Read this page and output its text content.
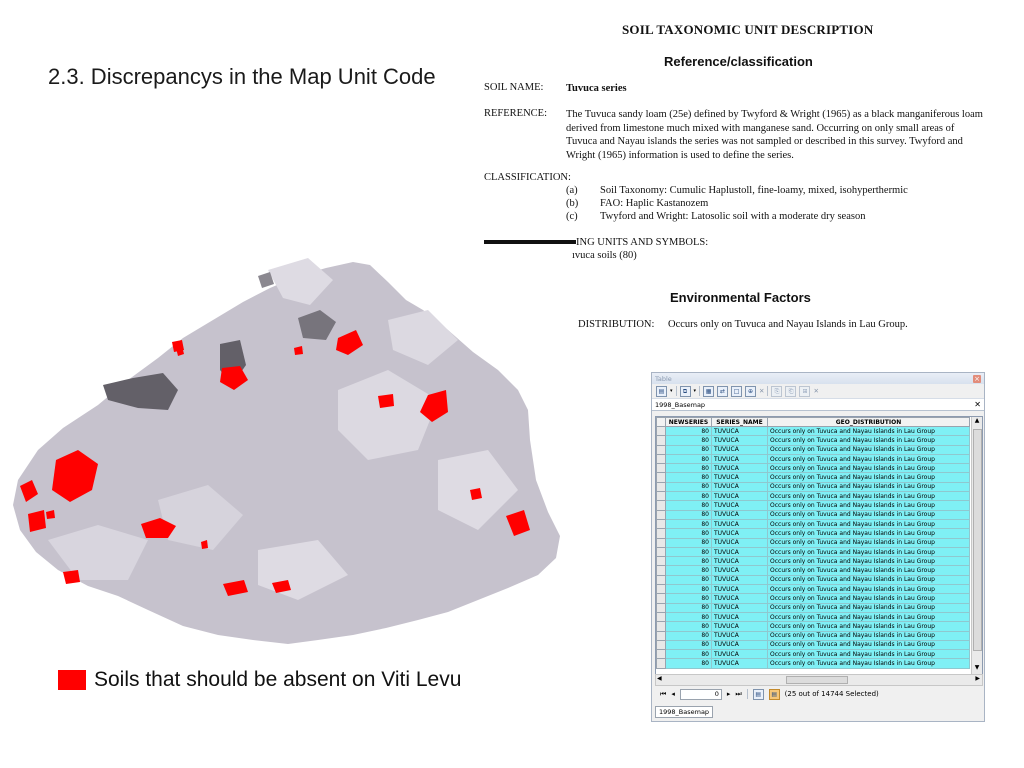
2.3. Discrepancys in the Map Unit Code
SOIL TAXONOMIC UNIT DESCRIPTION
Reference/classification
SOIL NAME: Tuvuca series
REFERENCE: The Tuvuca sandy loam (25e) defined by Twyford & Wright (1965) as a black manganiferous loam
derived from limestone much mixed with manganese sand. Occurring on only small areas of
Tuvuca and Nayau islands the series was not sampled or described in this survey. Twyford and
Wright (1965) information is used to define the series.
CLASSIFICATION:
(a) Soil Taxonomy: Cumulic Haplustoll, fine-loamy, mixed, isohyperthermic
(b) FAO: Haplic Kastanozem
(c) Twyford and Wright: Latosolic soil with a moderate dry season
ING UNITS AND SYMBOLS:
ıvuca soils (80)
Environmental Factors
DISTRIBUTION: Occurs only on Tuvuca and Nayau Islands in Lau Group.
Soils that should be absent on Viti Levu
Table	×
▤	▾	⧉	▾	▦	⇄	□	⊕ ✕	⎘	⎗	⊞ ✕
1998_Basemap	✕
	NEWSERIES	SERIES_NAME	GEO_DISTRIBUTION
	80	TUVUCA	Occurs only on Tuvuca and Nayau Islands in Lau Group
	80	TUVUCA	Occurs only on Tuvuca and Nayau Islands in Lau Group
	80	TUVUCA	Occurs only on Tuvuca and Nayau Islands in Lau Group
	80	TUVUCA	Occurs only on Tuvuca and Nayau Islands in Lau Group
	80	TUVUCA	Occurs only on Tuvuca and Nayau Islands in Lau Group
	80	TUVUCA	Occurs only on Tuvuca and Nayau Islands in Lau Group
	80	TUVUCA	Occurs only on Tuvuca and Nayau Islands in Lau Group
	80	TUVUCA	Occurs only on Tuvuca and Nayau Islands in Lau Group
	80	TUVUCA	Occurs only on Tuvuca and Nayau Islands in Lau Group
	80	TUVUCA	Occurs only on Tuvuca and Nayau Islands in Lau Group
	80	TUVUCA	Occurs only on Tuvuca and Nayau Islands in Lau Group
	80	TUVUCA	Occurs only on Tuvuca and Nayau Islands in Lau Group
	80	TUVUCA	Occurs only on Tuvuca and Nayau Islands in Lau Group
	80	TUVUCA	Occurs only on Tuvuca and Nayau Islands in Lau Group
	80	TUVUCA	Occurs only on Tuvuca and Nayau Islands in Lau Group
	80	TUVUCA	Occurs only on Tuvuca and Nayau Islands in Lau Group
	80	TUVUCA	Occurs only on Tuvuca and Nayau Islands in Lau Group
	80	TUVUCA	Occurs only on Tuvuca and Nayau Islands in Lau Group
	80	TUVUCA	Occurs only on Tuvuca and Nayau Islands in Lau Group
	80	TUVUCA	Occurs only on Tuvuca and Nayau Islands in Lau Group
	80	TUVUCA	Occurs only on Tuvuca and Nayau Islands in Lau Group
	80	TUVUCA	Occurs only on Tuvuca and Nayau Islands in Lau Group
	80	TUVUCA	Occurs only on Tuvuca and Nayau Islands in Lau Group
	80	TUVUCA	Occurs only on Tuvuca and Nayau Islands in Lau Group
	80	TUVUCA	Occurs only on Tuvuca and Nayau Islands in Lau Group
	80	TUVUCA	Occurs only on Tuvuca and Nayau Islands in Lau Group
▲
▼
◀	▶
⏮ ◂	0	▸ ⏭	▤	▤	(25 out of 14744 Selected)
1998_Basemap
